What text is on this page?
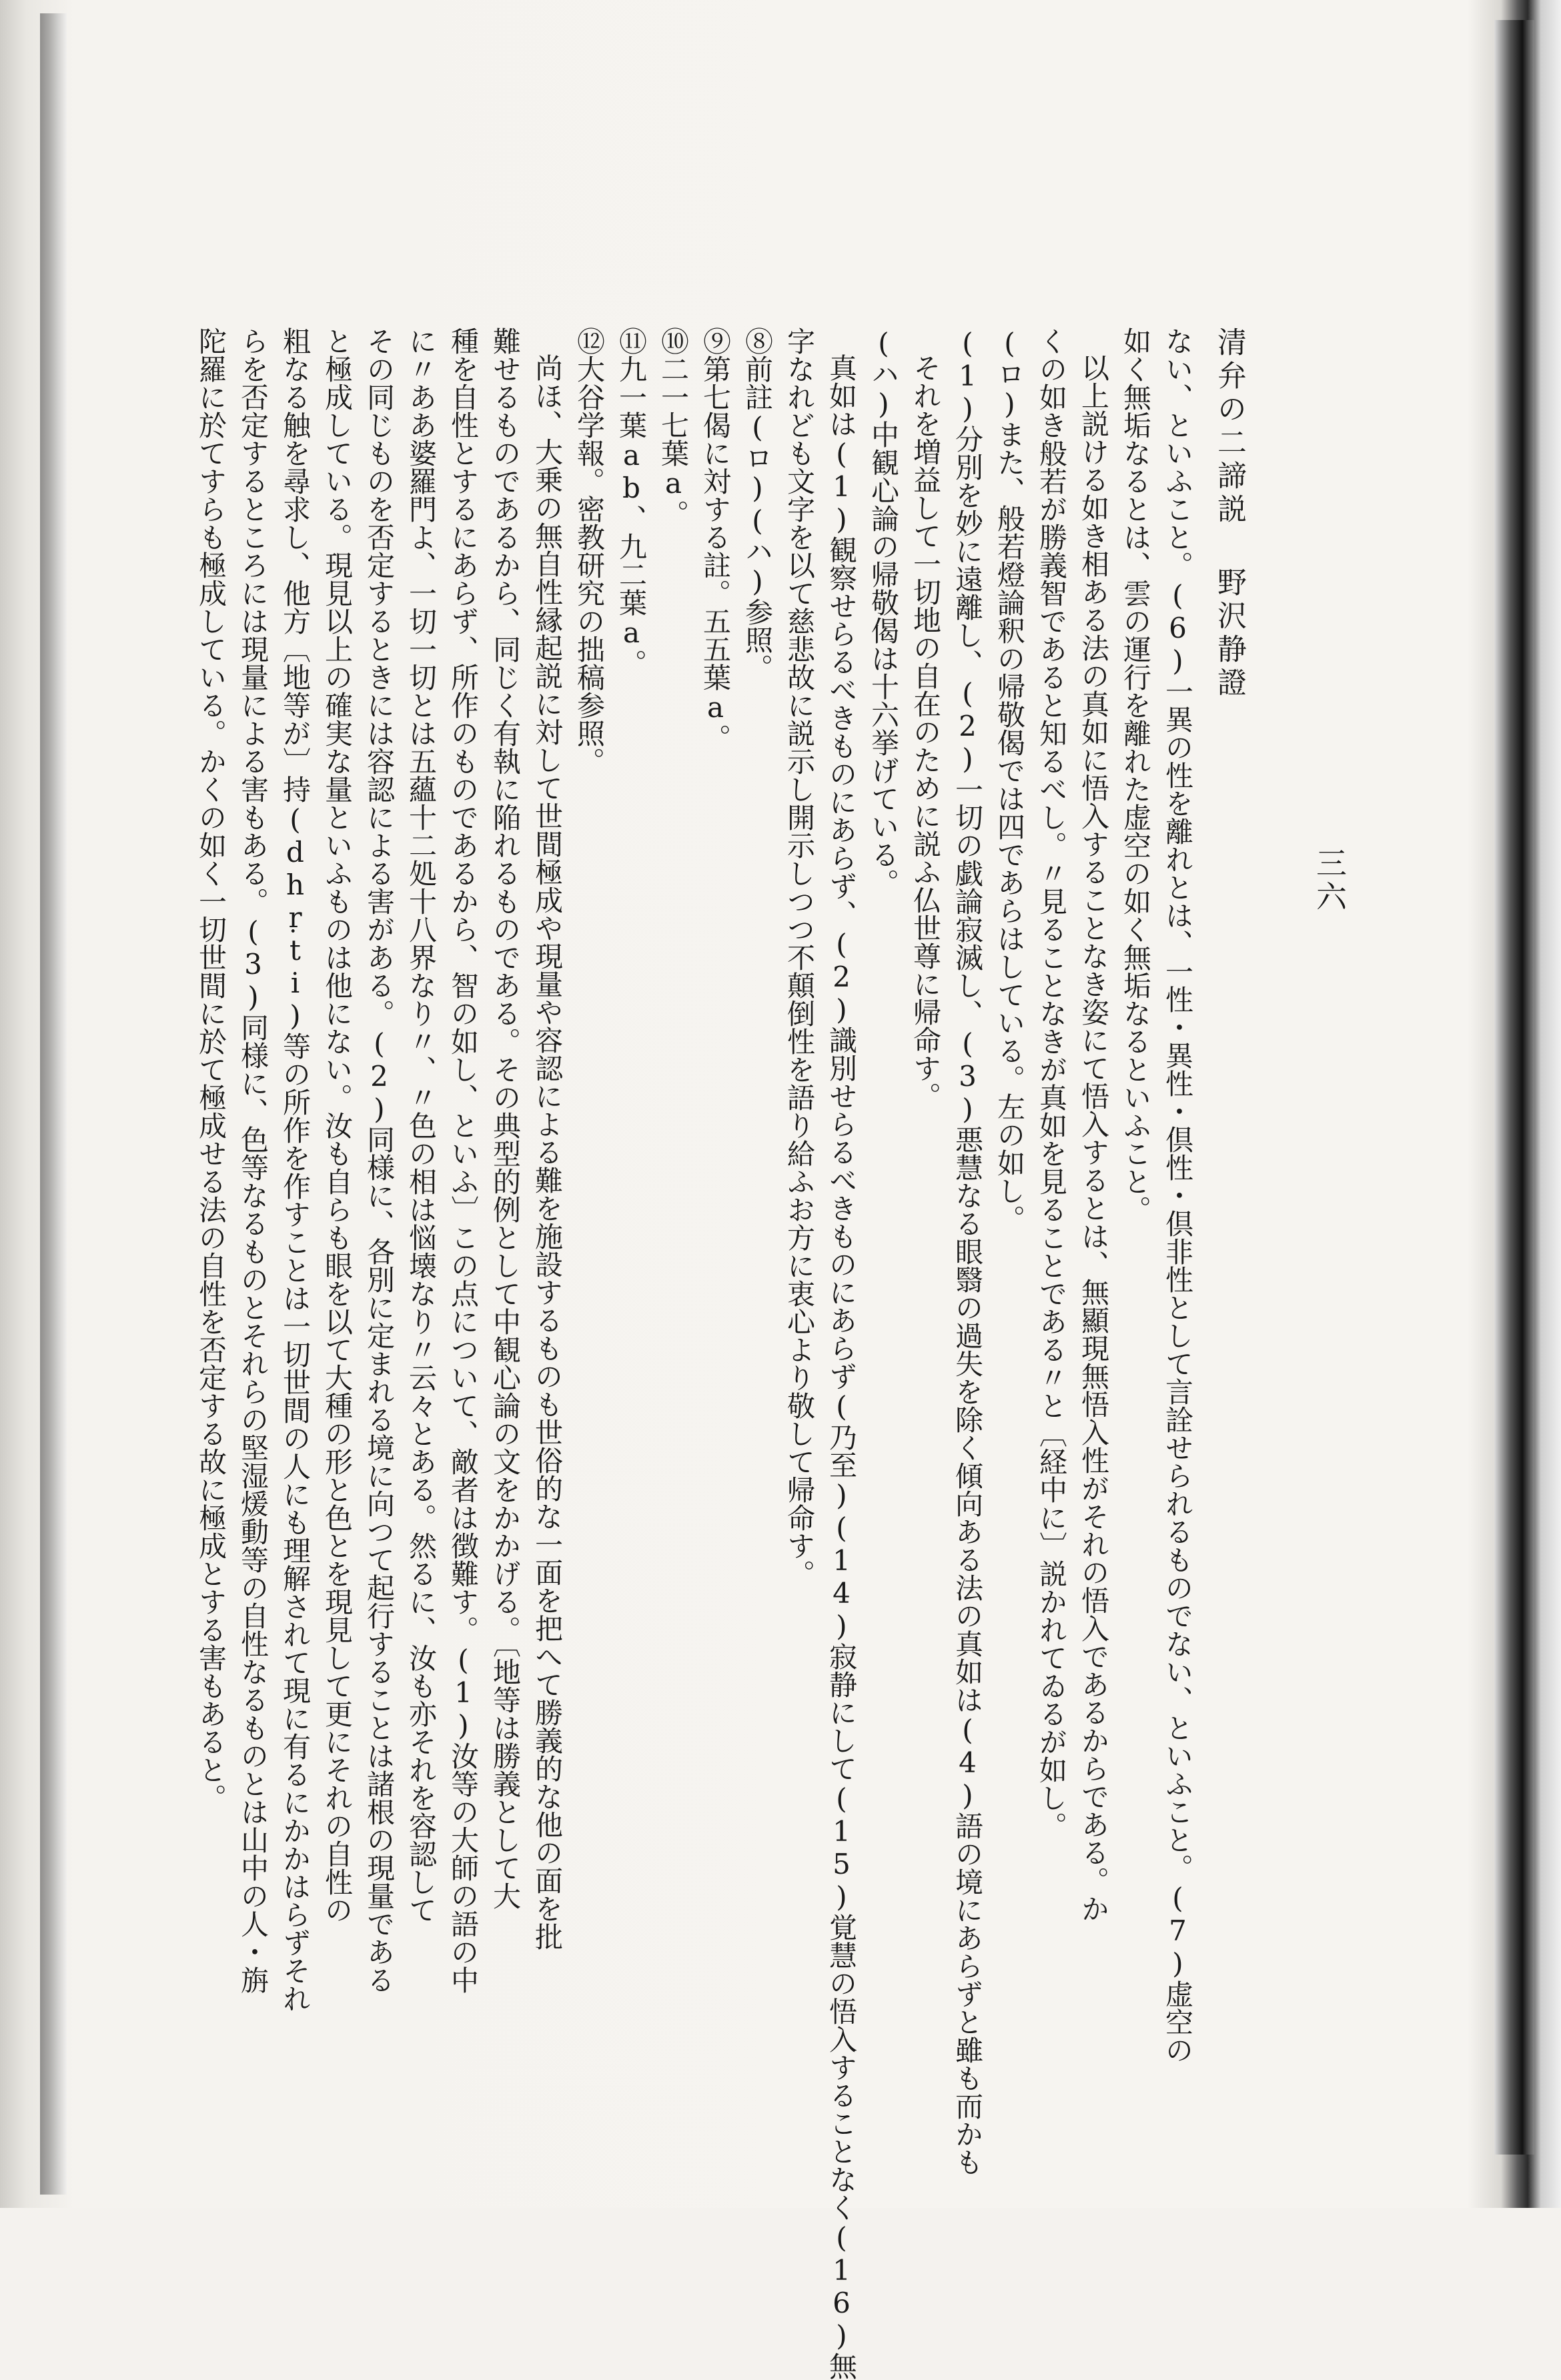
三六
清弁の二諦説野沢静證
ない、といふこと。(6)一異の性を離れとは、一性・異性・倶性・倶非性として言詮せられるものでない、といふこと。(7)虚空の
如く無垢なるとは、雲の運行を離れた虚空の如く無垢なるといふこと。
以上説ける如き相ある法の真如に悟入することなき姿にて悟入するとは、無顯現無悟入性がそれの悟入であるからである。か
くの如き般若が勝義智であると知るべし。〃見ることなきが真如を見ることである〃と〔経中に〕説かれてゐるが如し。
(ロ)また、般若燈論釈の帰敬偈では四であらはしている。左の如し。
(1)分別を妙に遠離し、(2)一切の戯論寂滅し、(3)悪慧なる眼翳の過失を除く傾向ある法の真如は(4)語の境にあらずと雖も而かも
それを増益して一切地の自在のために説ふ仏世尊に帰命す。
(ハ)中観心論の帰敬偈は十六挙げている。
真如は(1)観察せらるべきものにあらず、(2)識別せらるべきものにあらず(乃至)(14)寂静にして(15)覚慧の悟入することなく(16)無
字なれども文字を以て慈悲故に説示し開示しつつ不顛倒性を語り給ふお方に衷心より敬して帰命す。
⑧前註(ロ)(ハ)参照。
⑨第七偈に対する註。五五葉a。
⑩二一七葉a。
⑪九一葉ab、九二葉a。
⑫大谷学報。密教研究の拙稿参照。
尚ほ、大乗の無自性縁起説に対して世間極成や現量や容認による難を施設するものも世俗的な一面を把へて勝義的な他の面を批
難せるものであるから、同じく有執に陥れるものである。その典型的例として中観心論の文をかかげる。〔地等は勝義として大
種を自性とするにあらず、所作のものであるから、智の如し、といふ〕この点について、敵者は徴難す。(1)汝等の大師の語の中
に〃ああ婆羅門よ、一切一切とは五蘊十二処十八界なり〃、〃色の相は悩壊なり〃云々とある。然るに、汝も亦それを容認して
その同じものを否定するときには容認による害がある。(2)同様に、各別に定まれる境に向つて起行することは諸根の現量である
と極成している。現見以上の確実な量といふものは他にない。汝も自らも眼を以て大種の形と色とを現見して更にそれの自性の
粗なる触を尋求し、他方〔地等が〕持(dhṛti)等の所作を作すことは一切世間の人にも理解されて現に有るにかかはらずそれ
らを否定するところには現量による害もある。(3)同様に、色等なるものとそれらの堅湿煖動等の自性なるものとは山中の人・旃
陀羅に於てすらも極成している。かくの如く一切世間に於て極成せる法の自性を否定する故に極成とする害もあると。
